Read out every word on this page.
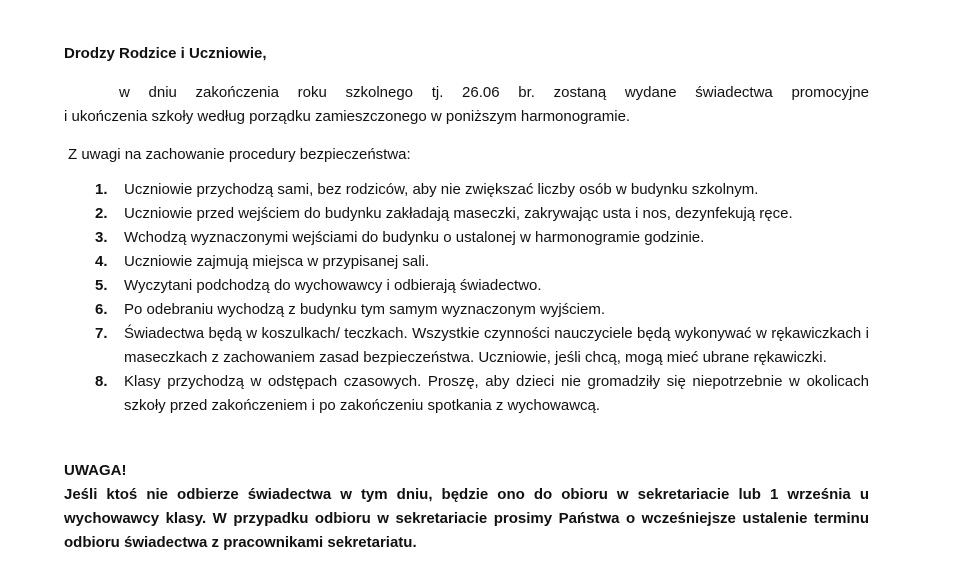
Drodzy Rodzice i Uczniowie,
w dniu zakończenia roku szkolnego tj. 26.06 br. zostaną wydane świadectwa promocyjne
i ukończenia szkoły według porządku zamieszczonego w poniższym harmonogramie.
Z uwagi na zachowanie procedury bezpieczeństwa:
1. Uczniowie przychodzą sami, bez rodziców, aby nie zwiększać liczby osób w budynku szkolnym.
2. Uczniowie przed wejściem do budynku zakładają maseczki, zakrywając usta i nos, dezynfekują ręce.
3. Wchodzą wyznaczonymi wejściami do budynku o ustalonej w harmonogramie godzinie.
4. Uczniowie zajmują miejsca w przypisanej sali.
5. Wyczytani podchodzą do wychowawcy i odbierają świadectwo.
6. Po odebraniu wychodzą z budynku tym samym wyznaczonym wyjściem.
7. Świadectwa będą w koszulkach/ teczkach. Wszystkie czynności nauczyciele będą wykonywać w rękawiczkach i maseczkach z zachowaniem zasad bezpieczeństwa. Uczniowie, jeśli chcą, mogą mieć ubrane rękawiczki.
8. Klasy przychodzą w odstępach czasowych. Proszę, aby dzieci nie gromadziły się niepotrzebnie w okolicach szkoły przed zakończeniem i po zakończeniu spotkania z wychowawcą.
UWAGA!
Jeśli ktoś nie odbierze świadectwa w tym dniu, będzie ono do obioru w sekretariacie lub 1 września u wychowawcy klasy. W przypadku odbioru w sekretariacie prosimy Państwa o wcześniejsze ustalenie terminu odbioru świadectwa z pracownikami sekretariatu.
